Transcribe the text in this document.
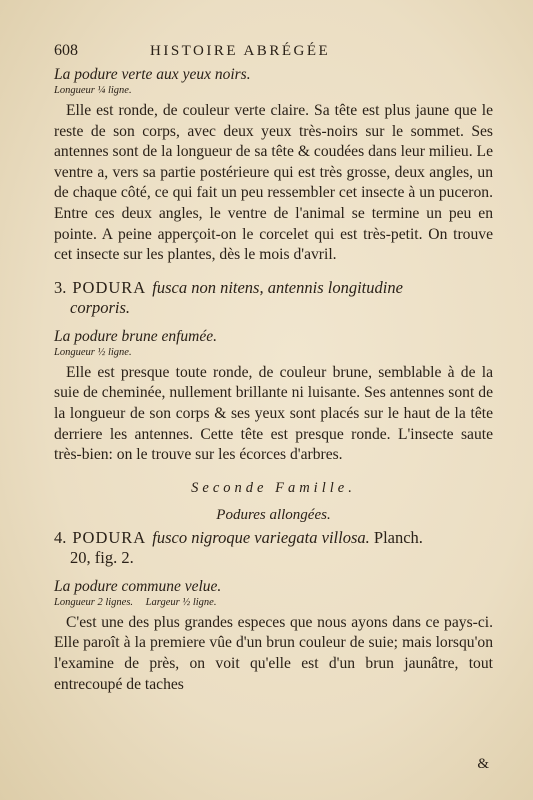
608	HISTOIRE ABRÉGÉE

La podure verte aux yeux noirs.

Longueur ¼ ligne.

Elle est ronde, de couleur verte claire. Sa tête est plus jaune que le reste de son corps, avec deux yeux très-noirs sur le sommet. Ses antennes sont de la longueur de sa tête & coudées dans leur milieu. Le ventre a, vers sa partie postérieure qui est très grosse, deux angles, un de chaque côté, ce qui fait un peu ressembler cet insecte à un puceron. Entre ces deux angles, le ventre de l'animal se termine un peu en pointe. A peine apperçoit-on le corcelet qui est très-petit. On trouve cet insecte sur les plantes, dès le mois d'avril.

3. PODURA fusca non nitens, antennis longitudine
corporis.

La podure brune enfumée.

Longueur ½ ligne.

Elle est presque toute ronde, de couleur brune, semblable à de la suie de cheminée, nullement brillante ni luisante. Ses antennes sont de la longueur de son corps & ses yeux sont placés sur le haut de la tête derriere les antennes. Cette tête est presque ronde. L'insecte saute très-bien: on le trouve sur les écorces d'arbres.

Seconde Famille.

Podures allongées.

4. PODURA fusco nigroque variegata villosa. Planch.
20, fig. 2.

La podure commune velue.

Longueur 2 lignes. Largeur ½ ligne.

C'est une des plus grandes especes que nous ayons dans ce pays-ci. Elle paroît à la premiere vûe d'un brun couleur de suie; mais lorsqu'on l'examine de près, on voit qu'elle est d'un brun jaunâtre, tout entrecoupé de taches

&
